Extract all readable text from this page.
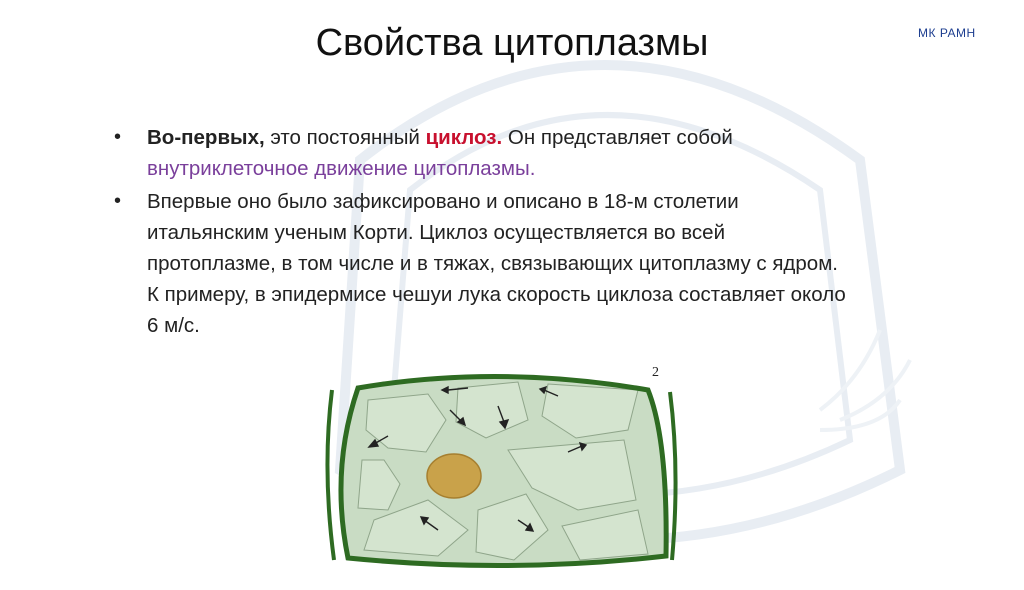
Свойства цитоплазмы	МК РАМН
• Во-первых, это постоянный циклоз. Он представляет собой внутриклеточное движение цитоплазмы.
• Впервые оно было зафиксировано и описано в 18-м столетии итальянским ученым Корти. Циклоз осуществляется во всей протоплазме, в том числе и в тяжах, связывающих цитоплазму с ядром. К примеру, в эпидермисе чешуи лука скорость циклоза составляет около 6 м/с.
2
